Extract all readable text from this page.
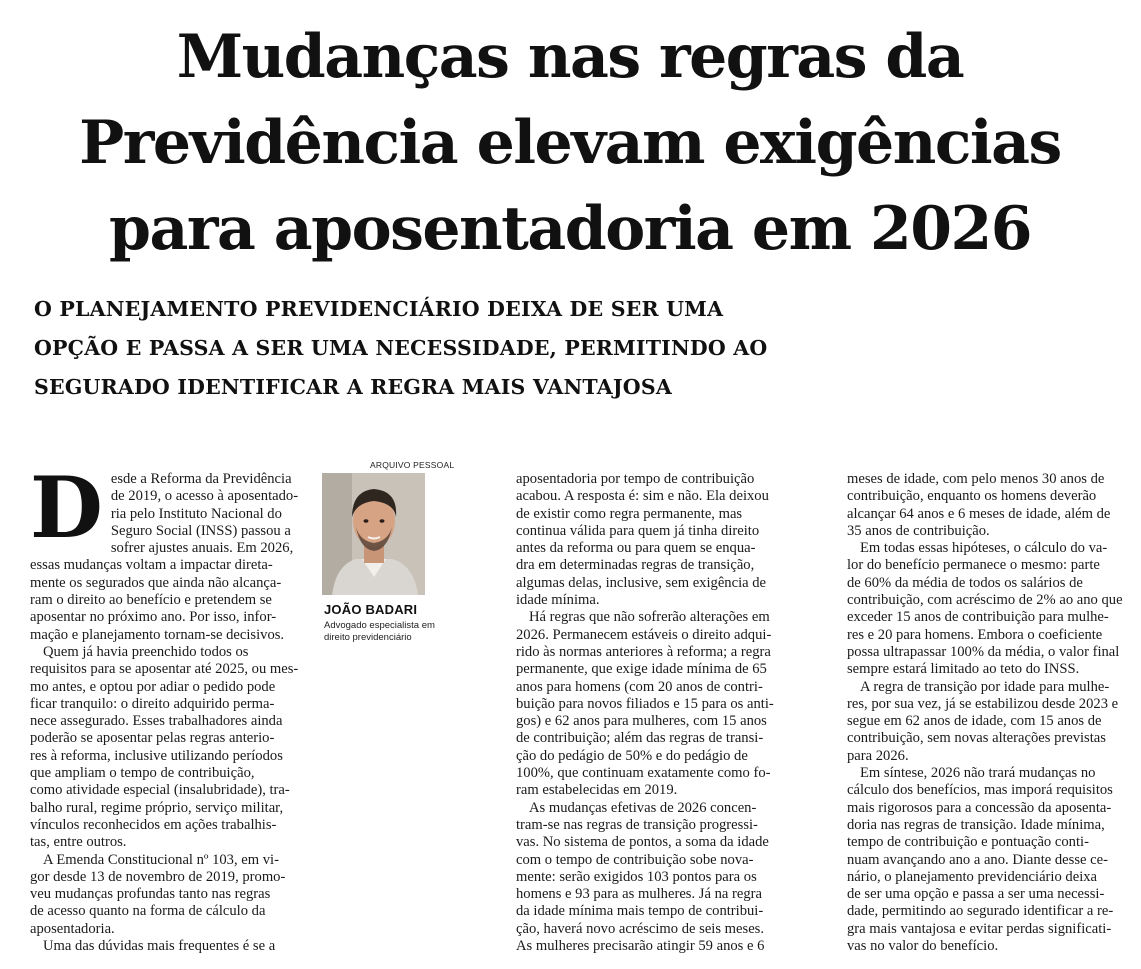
Mudanças nas regras da
Previdência elevam exigências
para aposentadoria em 2026
O PLANEJAMENTO PREVIDENCIÁRIO DEIXA DE SER UMA
OPÇÃO E PASSA A SER UMA NECESSIDADE, PERMITINDO AO
SEGURADO IDENTIFICAR A REGRA MAIS VANTAJOSA
D esde a Reforma da Previdência
de 2019, o acesso à aposentado-
ria pelo Instituto Nacional do
Seguro Social (INSS) passou a
sofrer ajustes anuais. Em 2026,
essas mudanças voltam a impactar direta-
mente os segurados que ainda não alcança-
ram o direito ao benefício e pretendem se
aposentar no próximo ano. Por isso, infor-
mação e planejamento tornam-se decisivos.
Quem já havia preenchido todos os
requisitos para se aposentar até 2025, ou mes-
mo antes, e optou por adiar o pedido pode
ficar tranquilo: o direito adquirido perma-
nece assegurado. Esses trabalhadores ainda
poderão se aposentar pelas regras anterio-
res à reforma, inclusive utilizando períodos
que ampliam o tempo de contribuição,
como atividade especial (insalubridade), tra-
balho rural, regime próprio, serviço militar,
vínculos reconhecidos em ações trabalhis-
tas, entre outros.
A Emenda Constitucional nº 103, em vi-
gor desde 13 de novembro de 2019, promo-
veu mudanças profundas tanto nas regras
de acesso quanto na forma de cálculo da
aposentadoria.
Uma das dúvidas mais frequentes é se a
ARQUIVO PESSOAL
JOÃO BADARI
Advogado especialista em
direito previdenciário
aposentadoria por tempo de contribuição
acabou. A resposta é: sim e não. Ela deixou
de existir como regra permanente, mas
continua válida para quem já tinha direito
antes da reforma ou para quem se enqua-
dra em determinadas regras de transição,
algumas delas, inclusive, sem exigência de
idade mínima.
Há regras que não sofrerão alterações em
2026. Permanecem estáveis o direito adqui-
rido às normas anteriores à reforma; a regra
permanente, que exige idade mínima de 65
anos para homens (com 20 anos de contri-
buição para novos filiados e 15 para os anti-
gos) e 62 anos para mulheres, com 15 anos
de contribuição; além das regras de transi-
ção do pedágio de 50% e do pedágio de
100%, que continuam exatamente como fo-
ram estabelecidas em 2019.
As mudanças efetivas de 2026 concen-
tram-se nas regras de transição progressi-
vas. No sistema de pontos, a soma da idade
com o tempo de contribuição sobe nova-
mente: serão exigidos 103 pontos para os
homens e 93 para as mulheres. Já na regra
da idade mínima mais tempo de contribui-
ção, haverá novo acréscimo de seis meses.
As mulheres precisarão atingir 59 anos e 6
meses de idade, com pelo menos 30 anos de
contribuição, enquanto os homens deverão
alcançar 64 anos e 6 meses de idade, além de
35 anos de contribuição.
Em todas essas hipóteses, o cálculo do va-
lor do benefício permanece o mesmo: parte
de 60% da média de todos os salários de
contribuição, com acréscimo de 2% ao ano que
exceder 15 anos de contribuição para mulhe-
res e 20 para homens. Embora o coeficiente
possa ultrapassar 100% da média, o valor final
sempre estará limitado ao teto do INSS.
A regra de transição por idade para mulhe-
res, por sua vez, já se estabilizou desde 2023 e
segue em 62 anos de idade, com 15 anos de
contribuição, sem novas alterações previstas
para 2026.
Em síntese, 2026 não trará mudanças no
cálculo dos benefícios, mas imporá requisitos
mais rigorosos para a concessão da aposenta-
doria nas regras de transição. Idade mínima,
tempo de contribuição e pontuação conti-
nuam avançando ano a ano. Diante desse ce-
nário, o planejamento previdenciário deixa
de ser uma opção e passa a ser uma necessi-
dade, permitindo ao segurado identificar a re-
gra mais vantajosa e evitar perdas significati-
vas no valor do benefício.
